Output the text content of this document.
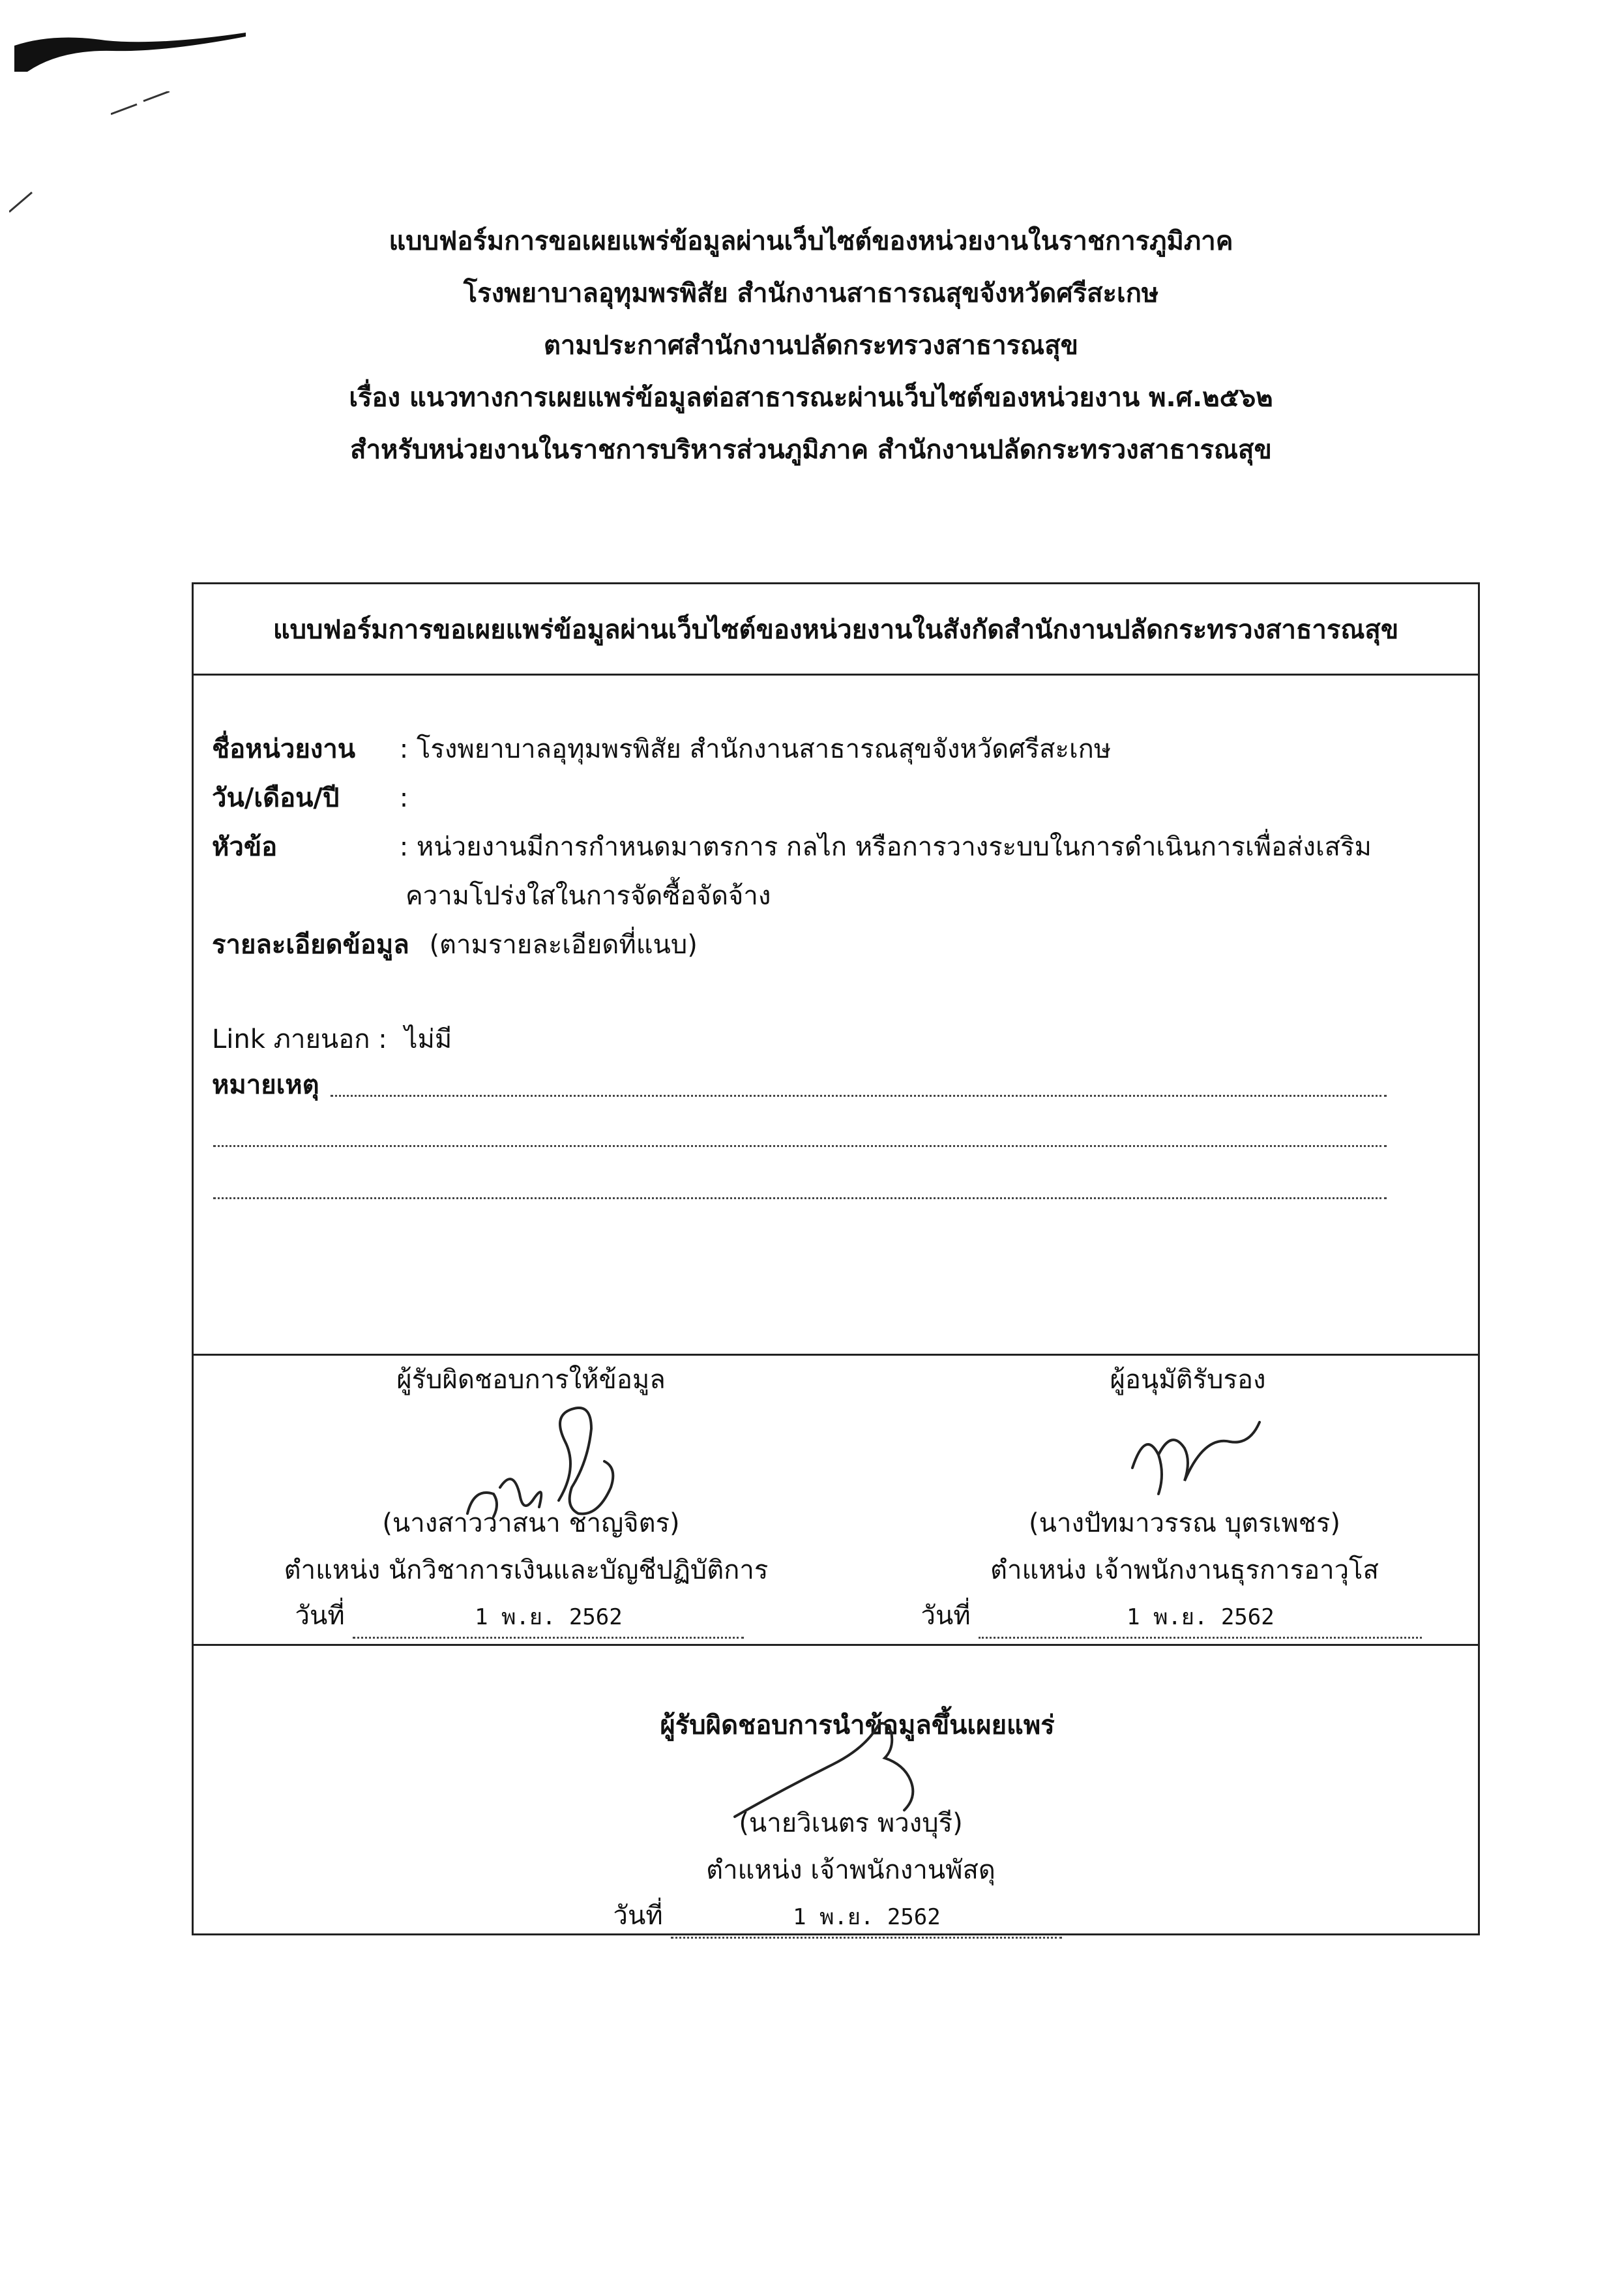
แบบฟอร์มการขอเผยแพร่ข้อมูลผ่านเว็บไซต์ของหน่วยงานในราชการภูมิภาค
โรงพยาบาลอุทุมพรพิสัย สำนักงานสาธารณสุขจังหวัดศรีสะเกษ
ตามประกาศสำนักงานปลัดกระทรวงสาธารณสุข
เรื่อง แนวทางการเผยแพร่ข้อมูลต่อสาธารณะผ่านเว็บไซต์ของหน่วยงาน พ.ศ.๒๕๖๒
สำหรับหน่วยงานในราชการบริหารส่วนภูมิภาค สำนักงานปลัดกระทรวงสาธารณสุข
แบบฟอร์มการขอเผยแพร่ข้อมูลผ่านเว็บไซต์ของหน่วยงานในสังกัดสำนักงานปลัดกระทรวงสาธารณสุข
ชื่อหน่วยงาน : โรงพยาบาลอุทุมพรพิสัย สำนักงานสาธารณสุขจังหวัดศรีสะเกษ
วัน/เดือน/ปี :
หัวข้อ	: หน่วยงานมีการกำหนดมาตรการ กลไก หรือการวางระบบในการดำเนินการเพื่อส่งเสริม
ความโปร่งใสในการจัดซื้อจัดจ้าง
รายละเอียดข้อมูล (ตามรายละเอียดที่แนบ)
Link ภายนอก : ไม่มี
หมายเหตุ
ผู้รับผิดชอบการให้ข้อมูล
(นางสาววาสนา ชาญจิตร)
ตำแหน่ง นักวิชาการเงินและบัญชีปฏิบัติการ
วันที่	1 พ.ย. 2562
ผู้อนุมัติรับรอง
(นางปัทมาวรรณ บุตรเพชร)
ตำแหน่ง เจ้าพนักงานธุรการอาวุโส
วันที่	1 พ.ย. 2562
ผู้รับผิดชอบการนำข้อมูลขึ้นเผยแพร่
(นายวิเนตร พวงบุรี)
ตำแหน่ง เจ้าพนักงานพัสดุ
วันที่	1 พ.ย. 2562
